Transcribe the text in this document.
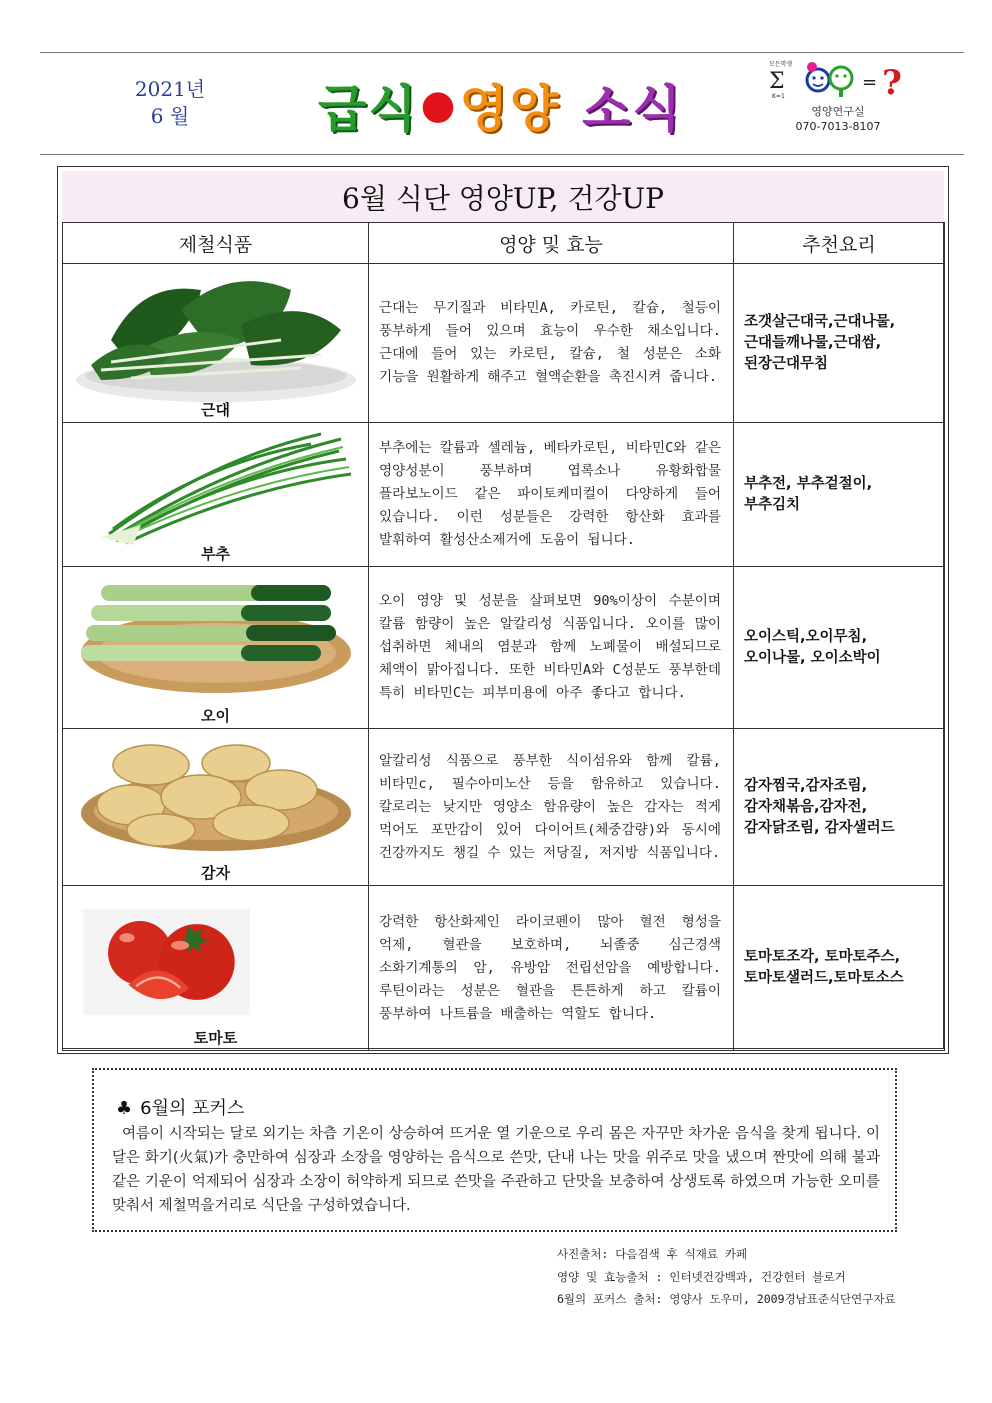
2021년
6 월	급식 ● 영양 소식
모든학생
Σ
K=1
= ?
영양연구실
070-7013-8107
6월 식단 영양UP, 건강UP
제철식품	영양 및 효능	추천요리

근대	근대는 무기질과 비타민A, 카로틴, 칼슘, 철등이 풍부하게 들어 있으며 효능이 우수한 채소입니다. 근대에 들어 있는 카로틴, 칼슘, 철 성분은 소화 기능을 원활하게 해주고 혈액순환을 촉진시켜 줍니다.	조갯살근대국,근대나물,
근대들깨나물,근대쌈,
된장근대무침

부추	부추에는 칼륨과 셀레늄, 베타카로틴, 비타민C와 같은 영양성분이 풍부하며 엽록소나 유황화합물 플라보노이드 같은 파이토케미컬이 다양하게 들어 있습니다. 이런 성분들은 강력한 항산화 효과를 발휘하여 활성산소제거에 도움이 됩니다.	부추전, 부추겉절이,
부추김치

오이	오이 영양 및 성분을 살펴보면 90%이상이 수분이며 칼륨 함량이 높은 알칼리성 식품입니다. 오이를 많이 섭취하면 체내의 염분과 함께 노폐물이 배설되므로 체액이 맑아집니다. 또한 비타민A와 C성분도 풍부한데 특히 비타민C는 피부미용에 아주 좋다고 합니다.	오이스틱,오이무침,
오이나물, 오이소박이

감자	알칼리성 식품으로 풍부한 식이섬유와 함께 칼륨, 비타민c, 필수아미노산 등을 함유하고 있습니다. 칼로리는 낮지만 영양소 함유량이 높은 감자는 적게 먹어도 포만감이 있어 다이어트(체중감량)와 동시에 건강까지도 챙길 수 있는 저당질, 저지방 식품입니다.	감자찜국,감자조림,
감자채볶음,감자전,
감자닭조림, 감자샐러드

토마토	강력한 항산화제인 라이코펜이 많아 혈전 형성을 억제, 혈관을 보호하며, 뇌졸중 심근경색 소화기계통의 암, 유방암 전립선암을 예방합니다. 루틴이라는 성분은 혈관을 튼튼하게 하고 칼륨이 풍부하여 나트륨을 배출하는 역할도 합니다.	토마토조각, 토마토주스,
토마토샐러드,토마토소스
♣ 6월의 포커스
여름이 시작되는 달로 외기는 차츰 기온이 상승하여 뜨거운 열 기운으로 우리 몸은 자꾸만 차가운 음식을 찾게 됩니다. 이 달은 화기(火氣)가 충만하여 심장과 소장을 영양하는 음식으로 쓴맛, 단내 나는 맛을 위주로 맛을 냈으며 짠맛에 의해 불과 같은 기운이 억제되어 심장과 소장이 허약하게 되므로 쓴맛을 주관하고 단맛을 보충하여 상생토록 하였으며 가능한 오미를 맞춰서 제철먹을거리로 식단을 구성하였습니다.
사진출처: 다음검색 후 식재료 카페
영양 및 효능출처 : 인터넷건강백과, 건강헌터 블로거
6월의 포커스 출처: 영양사 도우미, 2009경남표준식단연구자료
